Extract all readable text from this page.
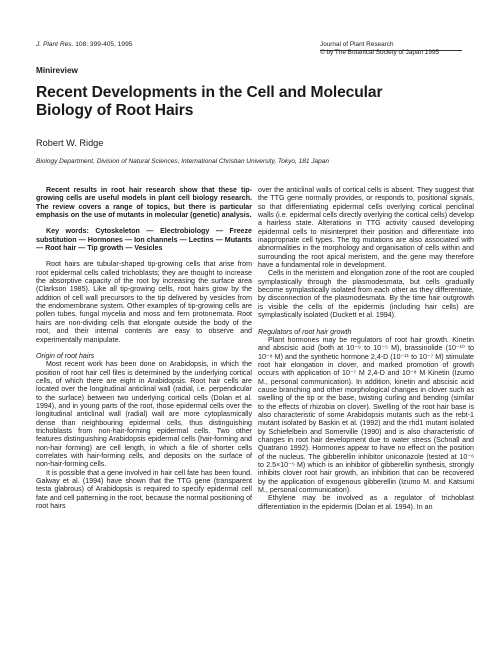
J. Plant Res. 108: 399-405, 1995	Journal of Plant Research
© by The Botanical Society of Japan 1995
Minireview
Recent Developments in the Cell and Molecular
Biology of Root Hairs
Robert W. Ridge
Biology Department, Division of Natural Sciences, International Christian University, Tokyo, 181 Japan

Recent results in root hair research show that these tip-growing cells are useful models in plant cell biology research. The review covers a range of topics, but there is particular emphasis on the use of mutants in molecular (genetic) analysis.

Key words: Cytoskeleton — Electrobiology — Freeze substitution — Hormones — Ion channels — Lectins — Mutants — Root hair — Tip growth — Vesicles

Root hairs are tubular-shaped tip-growing cells that arise from root epidermal cells called trichoblasts; they are thought to increase the absorptive capacity of the root by increasing the surface area (Clarkson 1985). Like all tip-growing cells, root hairs grow by the addition of cell wall precursors to the tip delivered by vesicles from the endomembrane system. Other examples of tip-growing cells are pollen tubes, fungal mycelia and moss and fern protonemata. Root hairs are non-dividing cells that elongate outside the body of the root, and their internal contents are easy to observe and experimentally manipulate.

Origin of root hairs

Most recent work has been done on Arabidopsis, in which the position of root hair cell files is determined by the underlying cortical cells, of which there are eight in Arabidopsis. Root hair cells are located over the longitudinal anticlinal wall (radial, i.e. perpendicular to the surface) between two underlying cortical cells (Dolan et al. 1994), and in young parts of the root, those epidermal cells over the longitudinal anticlinal wall (radial) wall are more cytoplasmically dense than neighbouring epidermal cells, thus distinguishing trichoblasts from non-hair-forming epidermal cells. Two other features distinguishing Arabidopsis epidermal cells (hair-forming and non-hair forming) are cell length, in which a file of shorter cells correlates with hair-forming cells, and deposits on the surface of non-hair-forming cells.

It is possible that a gene involved in hair cell fate has been found. Galway et al. (1994) have shown that the TTG gene (transparent testa glabrous) of Arabidopsis is required to specify epidermal cell fate and cell patterning in the root, because the normal positioning of root hairs

over the anticlinal walls of cortical cells is absent. They suggest that the TTG gene normally provides, or responds to, positional signals, so that differentiating epidermal cells overlying cortical periclinal walls (i.e. epidermal cells directly overlying the cortical cells) develop a hairless state. Alterations in TTG activity caused developing epidermal cells to misinterpret their position and differentiate into inappropriate cell types. The ttg mutations are also associated with abnormalities in the morphology and organisation of cells within and surrounding the root apical meristem, and the gene may therefore have a fundamental role in development.

Cells in the meristem and elongation zone of the root are coupled symplastically through the plasmodesmata, but cells gradually become symplastically isolated from each other as they differentiate, by disconnection of the plasmodesmata. By the time hair outgrowth is visible the cells of the epidermis (including hair cells) are symplastically isolated (Duckett et al. 1994).

Regulators of root hair growth

Plant hormones may be regulators of root hair growth. Kinetin and abscisic acid (both at 10⁻⁹ to 10⁻⁵ M), brassinolide (10⁻¹⁰ to 10⁻⁸ M) and the synthetic hormone 2,4-D (10⁻¹¹ to 10⁻⁷ M) stimulate root hair elongation in clover, and marked promotion of growth occurs with application of 10⁻⁷ M 2,4-D and 10⁻⁸ M Kinetin (Izumo M., personal communication). In addition, kinetin and abscisic acid cause branching and other morphological changes in clover such as swelling of the tip or the base, twisting curling and bending (similar to the effects of rhizobia on clover). Swelling of the root hair base is also characteristic of some Arabidopsis mutants such as the rebt-1 mutant isolated by Baskin et al. (1992) and the rhd1 mutant isolated by Schiefelbein and Somerville (1990) and is also characteristic of changes in root hair development due to water stress (Schnall and Quatrano 1992). Hormones appear to have no effect on the position of the nucleus. The gibberellin inhibitor uniconazole (tested at 10⁻⁶ to 2.5×10⁻⁵ M) which is an inhibitor of gibberellin synthesis, strongly inhibits clover root hair growth, an inhibition that can be recovered by the application of exogenous gibberellin (Izumo M. and Katsumi M., personal communication).

Ethylene may be involved as a regulator of trichoblast differentiation in the epidermis (Dolan et al. 1994). In an
